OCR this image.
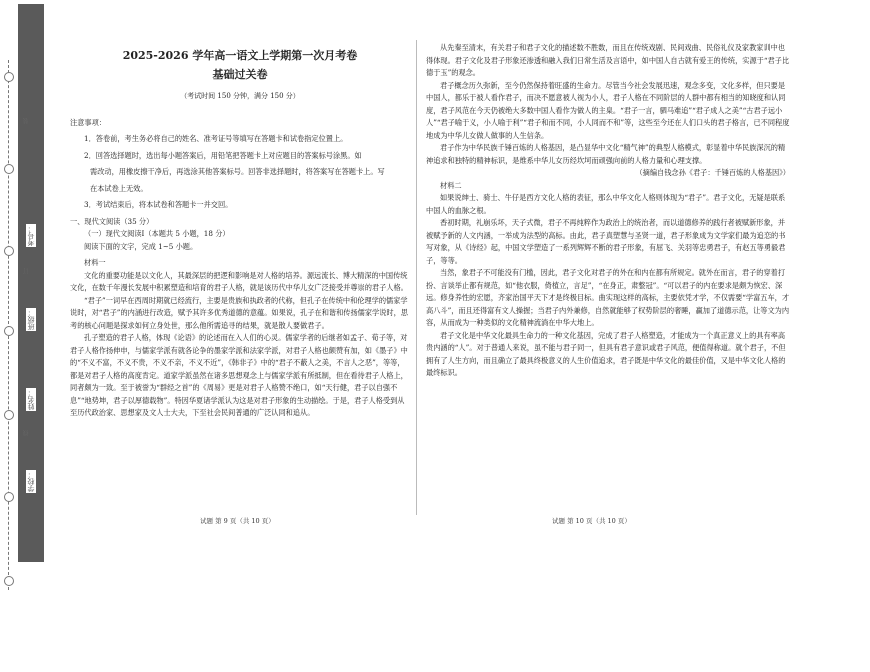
装
订
线
考号：
班级：
姓名：
学校：

2025-2026 学年高一语文上学期第一次月考卷

基础过关卷

（考试时间 150 分钟，满分 150 分）

注意事项：

1．答卷前，考生务必将自己的姓名、准考证号等填写在答题卡和试卷指定位置上。

2．回答选择题时，选出每小题答案后，用铅笔把答题卡上对应题目的答案标号涂黑。如

需改动，用橡皮擦干净后，再选涂其他答案标号。回答非选择题时，将答案写在答题卡上。写

在本试卷上无效。

3．考试结束后，将本试卷和答题卡一并交回。

一、现代文阅读（35 分）

（一）现代文阅读Ⅰ（本题共 5 小题，18 分）

阅读下面的文字，完成 1~5 小题。

材料一

文化的重要功能是以文化人，其最深层的把逻和影响是对人格的培养。源远流长、博大精深的中国传统文化，在数千年漫长发展中积累塑造和培育的君子人格，就是该历代中华儿女广泛接受并尊崇的君子人格。

“君子”一词早在西周时期就已经流行，主要是贵族和执政者的代称，但孔子在传统中和伦理学的儒家学说时，对“君子”的内涵进行改造，赋予其许多优秀道德的意蕴。如果说，孔子在和谐和传扬儒家学说时，思考的核心问题是探求如何立身处世，那么他所需追寻的结果，就是散人要做君子。

孔子塑造的君子人格，体现《论语》的论述而在入人们的心灵。儒家学者的后继者如孟子、荀子等，对君子人格作扬伸申，与儒家学派有就各论争的墨家学派和法家学派，对君子人格也颇赞有加，如《墨子》中的“不义不富，不义不贵，不义不亲，不义不近”，《韩非子》中的“君子不蔽人之美，不言人之恶”，等等，都是对君子人格的高度肯定。道家学派虽然在诸多思想观念上与儒家学派有所抵制，但在看待君子人格上，同者颇为一致。至于被誉为“群经之首”的《周易》更是对君子人格赞不绝口，如“天行健，君子以自强不息”“地势坤，君子以厚德载物”。特因华夏诸学派认为这是对君子形象的生动描绘。于是，君子人格受到从至历代政治家、思想家及文人士大夫，下至社会民间普通的广泛认同和追从。

从先秦至清末，有关君子和君子文化的描述数不胜数，而且在传统戏剧、民间戏曲、民俗礼仪及家教家训中也得体现。君子文化及君子形象还渗透和融入我们日常生活及言语中，如中国人自古就有爱王的传统，实源于“君子比德于玉”的观念。

君子概念历久弥新，至今仍然保持着旺盛的生命力。尽管当今社会发展迅速，观念多变，文化多样，但只要是中国人，都乐于被人看作君子，而决不愿意被人视为小人，君子人格在不同阶层的人群中都有相当的知晓度和认同度，君子风范在今天仍被绝大多数中国人看作为做人的主臬。“君子一言，驷马难追”“君子成人之美”“古君子远小人”“君子喻于义，小人喻于利”“君子和而不同，小人同而不和”等，这些至今还在人们口头的君子格言，已不同程度地成为中华儿女做人做事的人生信条。

君子作为中华民族千锤百炼的人格基因，是凸显华中文化“精气神”的典型人格模式，彰显着中华民族深沉的精神追求和独特的精神标识，是维系中华儿女历经坎坷而顽强向前的人格力量和心理支撑。

（摘编自钱念孙《君子：千锤百炼的人格基因》）

材料二

如果说绅士、骑士、牛仔是西方文化人格的表征，那么中华文化人格则体现为“君子”。君子文化，无疑是联系中国人的血脉之根。

香初时期，礼崩乐坏，天子式微，君子不再纯粹作为政治上的统治者，而以道德修养的践行者被赋新形象，并被赋予新的人文内涵，一举成为法型的高标。由此，君子真塑慧与圣贤一道，君子形象成为文学家们最为追恋的书写对象，从《诗经》起，中国文学塑造了一系列辉辉不断的君子形象，有屈飞、关羽等忠勇君子，有赵五等勇毅君子，等等。

当然，象君子不可能没有门槛，因此，君子文化对君子的外在和内在都有所规定。就外在而言，君子的穿着打扮、言谈举止都有规范，如“他衣服，倚植立，言足”，“在身正，肃整冠”。“可以君子的内在要求是颇为恢宏、深远。修身养性的宏愿，齐家治国平天下才是终极目标。曲实现这样的高标，主要依凭才学，不仅需要“学富五车，才高八斗”，而且还得富有文人操握；当君子内外兼修，自然就能够了权势阶层的奢睡，赢加了道德示范，让等文为内容，从而成为一种类似的文化精神流淌在中华大地上。

君子文化是中华文化最具生命力的一种文化基因，完成了君子人格塑造，才能成为一个真正意义上的具有率高贵内涵的“人”。对于普通人来说，虽不能与君子同一，但具有君子意识或君子风范，便值得称道。就个君子，不但拥有了人生方向，而且确立了最具终极意义的人生价值追求，君子既是中华文化的最佳价值，又是中华文化人格的最终标识。

试题 第 9 页（共 10 页）	试题 第 10 页（共 10 页）
